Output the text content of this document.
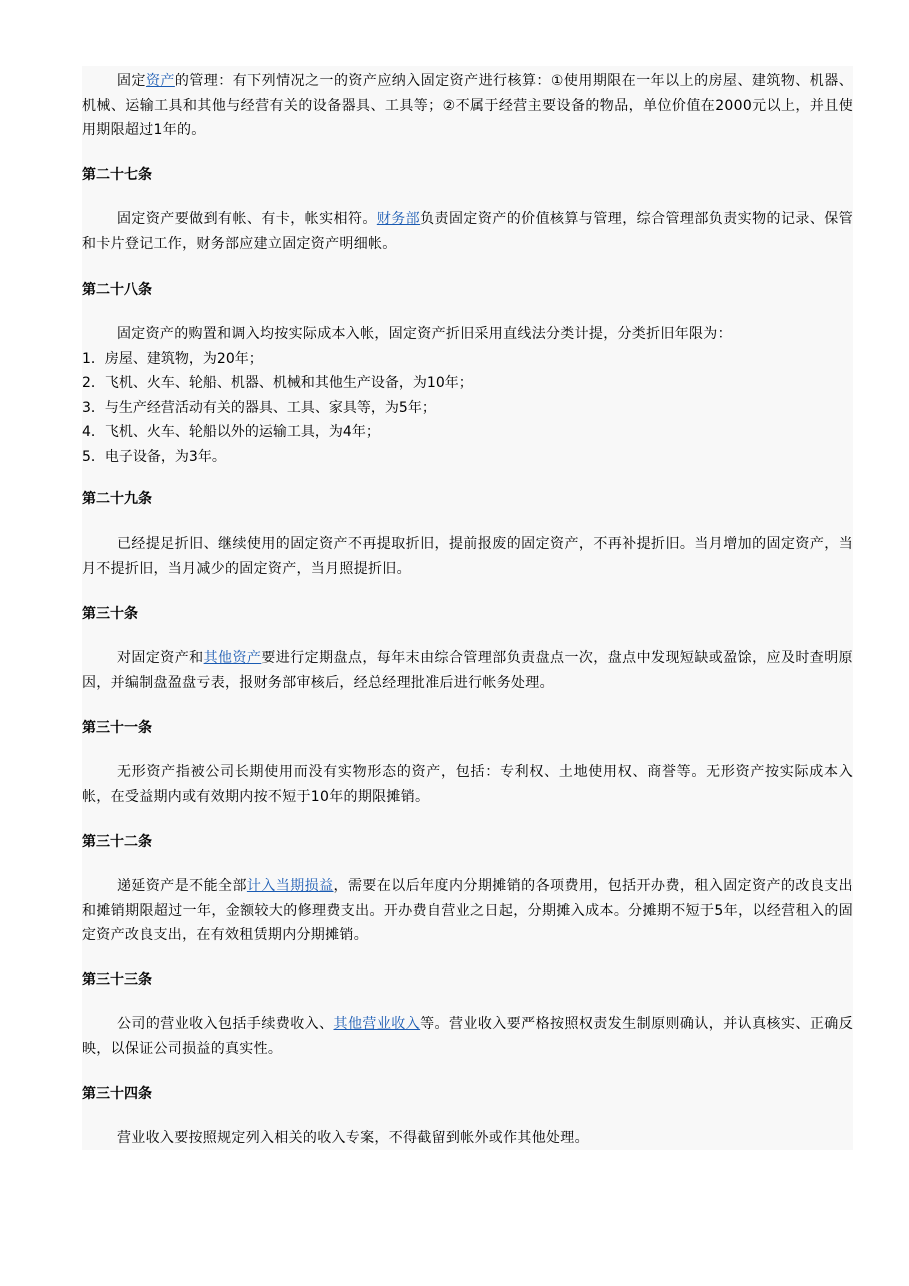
固定资产的管理：有下列情况之一的资产应纳入固定资产进行核算：①使用期限在一年以上的房屋、建筑物、机器、机械、运输工具和其他与经营有关的设备器具、工具等；②不属于经营主要设备的物品，单位价值在2000元以上，并且使用期限超过1年的。

第二十七条

固定资产要做到有帐、有卡，帐实相符。财务部负责固定资产的价值核算与管理，综合管理部负责实物的记录、保管和卡片登记工作，财务部应建立固定资产明细帐。

第二十八条

固定资产的购置和调入均按实际成本入帐，固定资产折旧采用直线法分类计提，分类折旧年限为：

1．房屋、建筑物，为20年；

2．飞机、火车、轮船、机器、机械和其他生产设备，为10年；

3．与生产经营活动有关的器具、工具、家具等，为5年；

4．飞机、火车、轮船以外的运输工具，为4年；

5．电子设备，为3年。

第二十九条

已经提足折旧、继续使用的固定资产不再提取折旧，提前报废的固定资产，不再补提折旧。当月增加的固定资产，当月不提折旧，当月减少的固定资产，当月照提折旧。

第三十条

对固定资产和其他资产要进行定期盘点，每年末由综合管理部负责盘点一次，盘点中发现短缺或盈馀，应及时查明原因，并编制盘盈盘亏表，报财务部审核后，经总经理批准后进行帐务处理。

第三十一条

无形资产指被公司长期使用而没有实物形态的资产，包括：专利权、土地使用权、商誉等。无形资产按实际成本入帐，在受益期内或有效期内按不短于10年的期限摊销。

第三十二条

递延资产是不能全部计入当期损益，需要在以后年度内分期摊销的各项费用，包括开办费，租入固定资产的改良支出和摊销期限超过一年，金额较大的修理费支出。开办费自营业之日起，分期摊入成本。分摊期不短于5年，以经营租入的固定资产改良支出，在有效租赁期内分期摊销。

第三十三条

公司的营业收入包括手续费收入、其他营业收入等。营业收入要严格按照权责发生制原则确认，并认真核实、正确反映，以保证公司损益的真实性。

第三十四条

营业收入要按照规定列入相关的收入专案，不得截留到帐外或作其他处理。
